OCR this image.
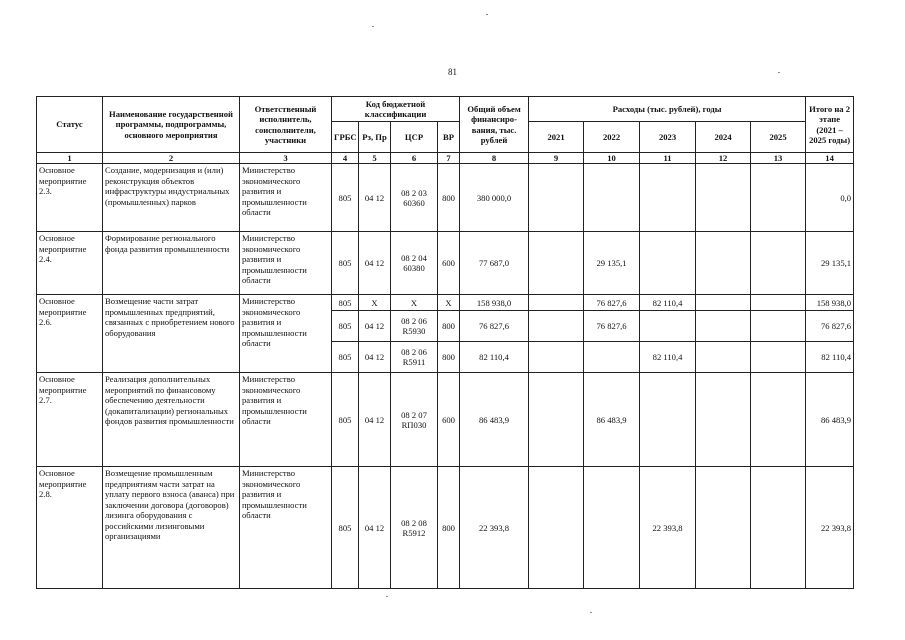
81
Статус	Наименование государственной программы, подпрограммы, основного мероприятия	Ответственный исполнитель, соисполнители, участники	Код бюджетной классификации				Общий объем финансиро-вания, тыс. рублей	Расходы (тыс. рублей), годы					Итого на 2 этапе (2021 – 2025 годы)
			ГРБС	Рз, Пр	ЦСР	ВР		2021	2022	2023	2024	2025	
1	2	3	4	5	6	7	8	9	10	11	12	13	14
Основное мероприятие 2.3.	Создание, модернизация и (или) реконструкция объектов инфраструктуры индустриальных (промышленных) парков	Министерство экономического развития и промышленности области	805	04 12	08 2 03 60360	800	380 000,0						0,0
Основное мероприятие 2.4.	Формирование регионального фонда развития промышленности	Министерство экономического развития и промышленности области	805	04 12	08 2 04 60380	600	77 687,0		29 135,1				29 135,1
Основное мероприятие 2.6.	Возмещение части затрат промышленных предприятий, связанных с приобретением нового оборудования	Министерство экономического развития и промышленности области	805	X	X	X	158 938,0		76 827,6	82 110,4			158 938,0
			805	04 12	08 2 06 R5930	800	76 827,6		76 827,6				76 827,6
			805	04 12	08 2 06 R5911	800	82 110,4			82 110,4			82 110,4
Основное мероприятие 2.7.	Реализация дополнительных мероприятий по финансовому обеспечению деятельности (докапитализации) региональных фондов развития промышленности	Министерство экономического развития и промышленности области	805	04 12	08 2 07 RП030	600	86 483,9		86 483,9				86 483,9
Основное мероприятие 2.8.	Возмещение промышленным предприятиям части затрат на уплату первого взноса (аванса) при заключении договора (договоров) лизинга оборудования с российскими лизинговыми организациями	Министерство экономического развития и промышленности области	805	04 12	08 2 08 R5912	800	22 393,8			22 393,8			22 393,8
